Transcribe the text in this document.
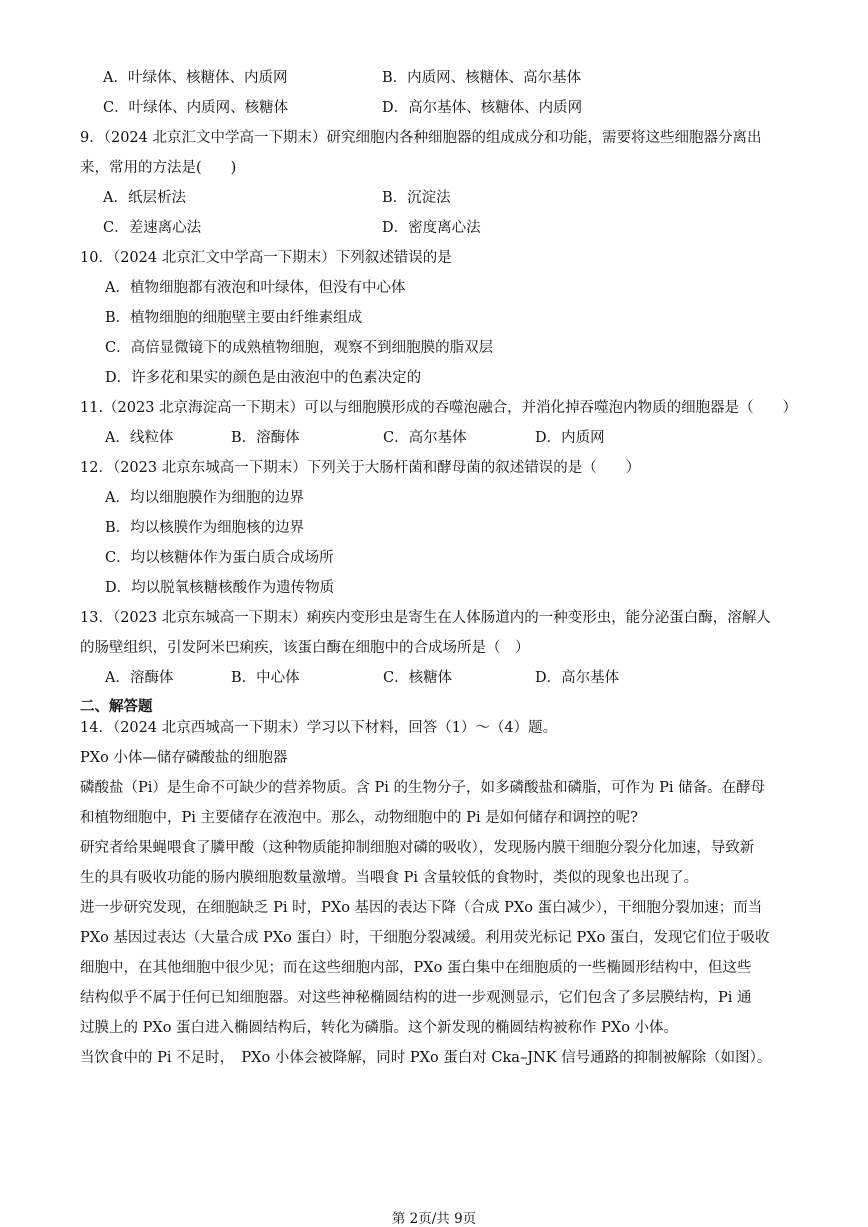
A．叶绿体、核糖体、内质网	B．内质网、核糖体、高尔基体
C．叶绿体、内质网、核糖体	D．高尔基体、核糖体、内质网
9．（2024 北京汇文中学高一下期末）研究细胞内各种细胞器的组成成分和功能，需要将这些细胞器分离出
来，常用的方法是(　　)
A．纸层析法	B．沉淀法
C．差速离心法	D．密度离心法
10．（2024 北京汇文中学高一下期末）下列叙述错误的是
A．植物细胞都有液泡和叶绿体，但没有中心体
B．植物细胞的细胞壁主要由纤维素组成
C．高倍显微镜下的成熟植物细胞，观察不到细胞膜的脂双层
D．许多花和果实的颜色是由液泡中的色素决定的
11.（2023 北京海淀高一下期末）可以与细胞膜形成的吞噬泡融合，并消化掉吞噬泡内物质的细胞器是（　　）
A．线粒体	B．溶酶体	C．高尔基体	D．内质网
12．（2023 北京东城高一下期末）下列关于大肠杆菌和酵母菌的叙述错误的是（　　）
A．均以细胞膜作为细胞的边界
B．均以核膜作为细胞核的边界
C．均以核糖体作为蛋白质合成场所
D．均以脱氧核糖核酸作为遗传物质
13．（2023 北京东城高一下期末）痢疾内变形虫是寄生在人体肠道内的一种变形虫，能分泌蛋白酶，溶解人
的肠壁组织，引发阿米巴痢疾，该蛋白酶在细胞中的合成场所是（　）
A．溶酶体	B．中心体	C．核糖体	D．高尔基体
二、解答题
14．（2024 北京西城高一下期末）学习以下材料，回答（1）～（4）题。
PXo 小体—储存磷酸盐的细胞器
磷酸盐（Pi）是生命不可缺少的营养物质。含 Pi 的生物分子，如多磷酸盐和磷脂，可作为 Pi 储备。在酵母
和植物细胞中，Pi 主要储存在液泡中。那么，动物细胞中的 Pi 是如何储存和调控的呢?
研究者给果蝇喂食了膦甲酸（这种物质能抑制细胞对磷的吸收），发现肠内膜干细胞分裂分化加速，导致新
生的具有吸收功能的肠内膜细胞数量激增。当喂食 Pi 含量较低的食物时，类似的现象也出现了。
进一步研究发现，在细胞缺乏 Pi 时，PXo 基因的表达下降（合成 PXo 蛋白减少），干细胞分裂加速；而当
PXo 基因过表达（大量合成 PXo 蛋白）时，干细胞分裂减缓。利用荧光标记 PXo 蛋白，发现它们位于吸收
细胞中，在其他细胞中很少见；而在这些细胞内部，PXo 蛋白集中在细胞质的一些椭圆形结构中，但这些
结构似乎不属于任何已知细胞器。对这些神秘椭圆结构的进一步观测显示，它们包含了多层膜结构，Pi 通
过膜上的 PXo 蛋白进入椭圆结构后，转化为磷脂。这个新发现的椭圆结构被称作 PXo 小体。
当饮食中的 Pi 不足时，　PXo 小体会被降解，同时 PXo 蛋白对 Cka–JNK 信号通路的抑制被解除（如图）。
第 2页/共 9页
